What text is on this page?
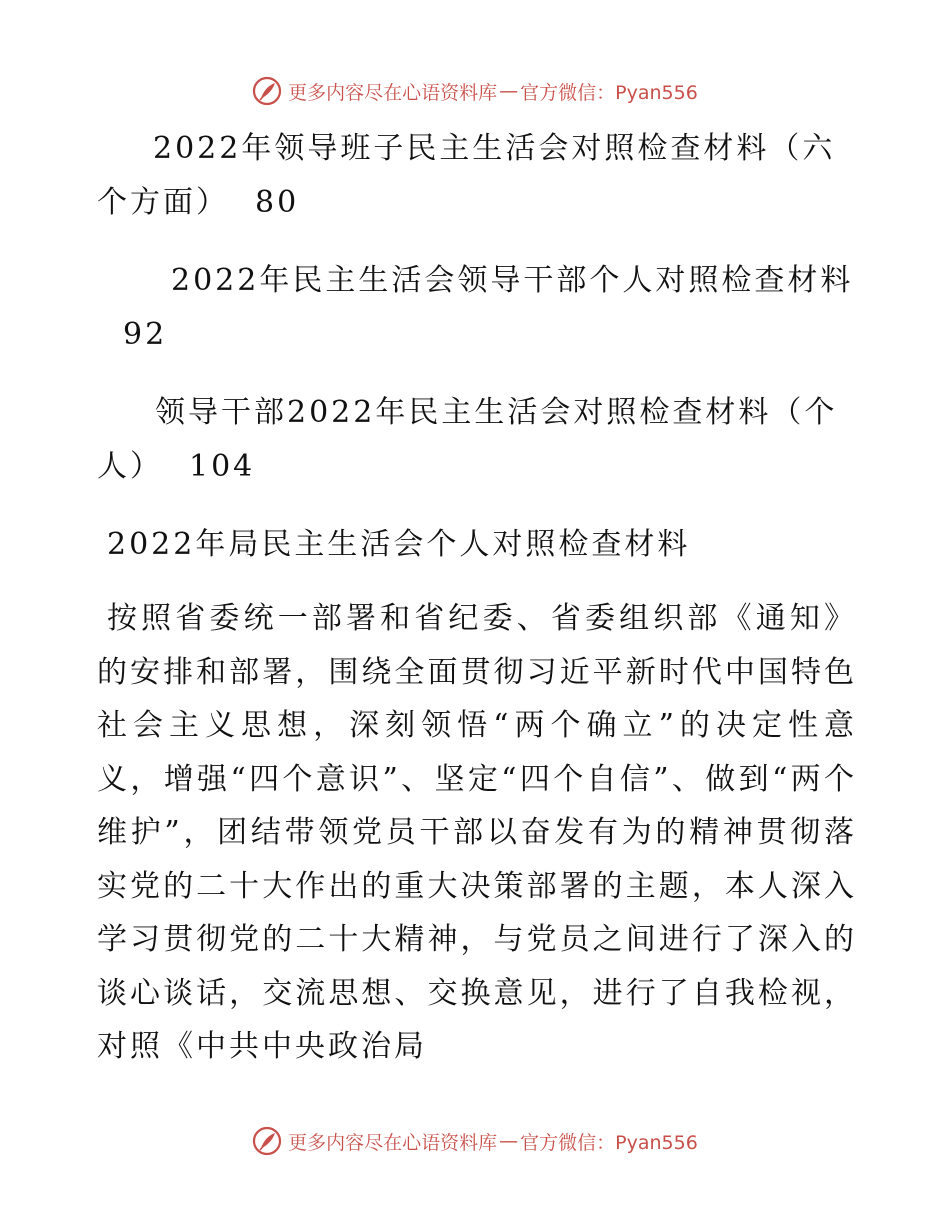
更多内容尽在心语资料库 — 官方微信：Pyan556

2022年领导班子民主生活会对照检查材料（六个方面） 80

2022年民主生活会领导干部个人对照检查材料92

领导干部2022年民主生活会对照检查材料（个人） 104

2022年局民主生活会个人对照检查材料

按照省委统一部署和省纪委、省委组织部《通知》的安排和部署，围绕全面贯彻习近平新时代中国特色社会主义思想，深刻领悟“两个确立”的决定性意义，增强“四个意识”、坚定“四个自信”、做到“两个维护”，团结带领党员干部以奋发有为的精神贯彻落实党的二十大作出的重大决策部署的主题，本人深入学习贯彻党的二十大精神，与党员之间进行了深入的谈心谈话，交流思想、交换意见，进行了自我检视，对照《中共中央政治局

更多内容尽在心语资料库 — 官方微信：Pyan556
